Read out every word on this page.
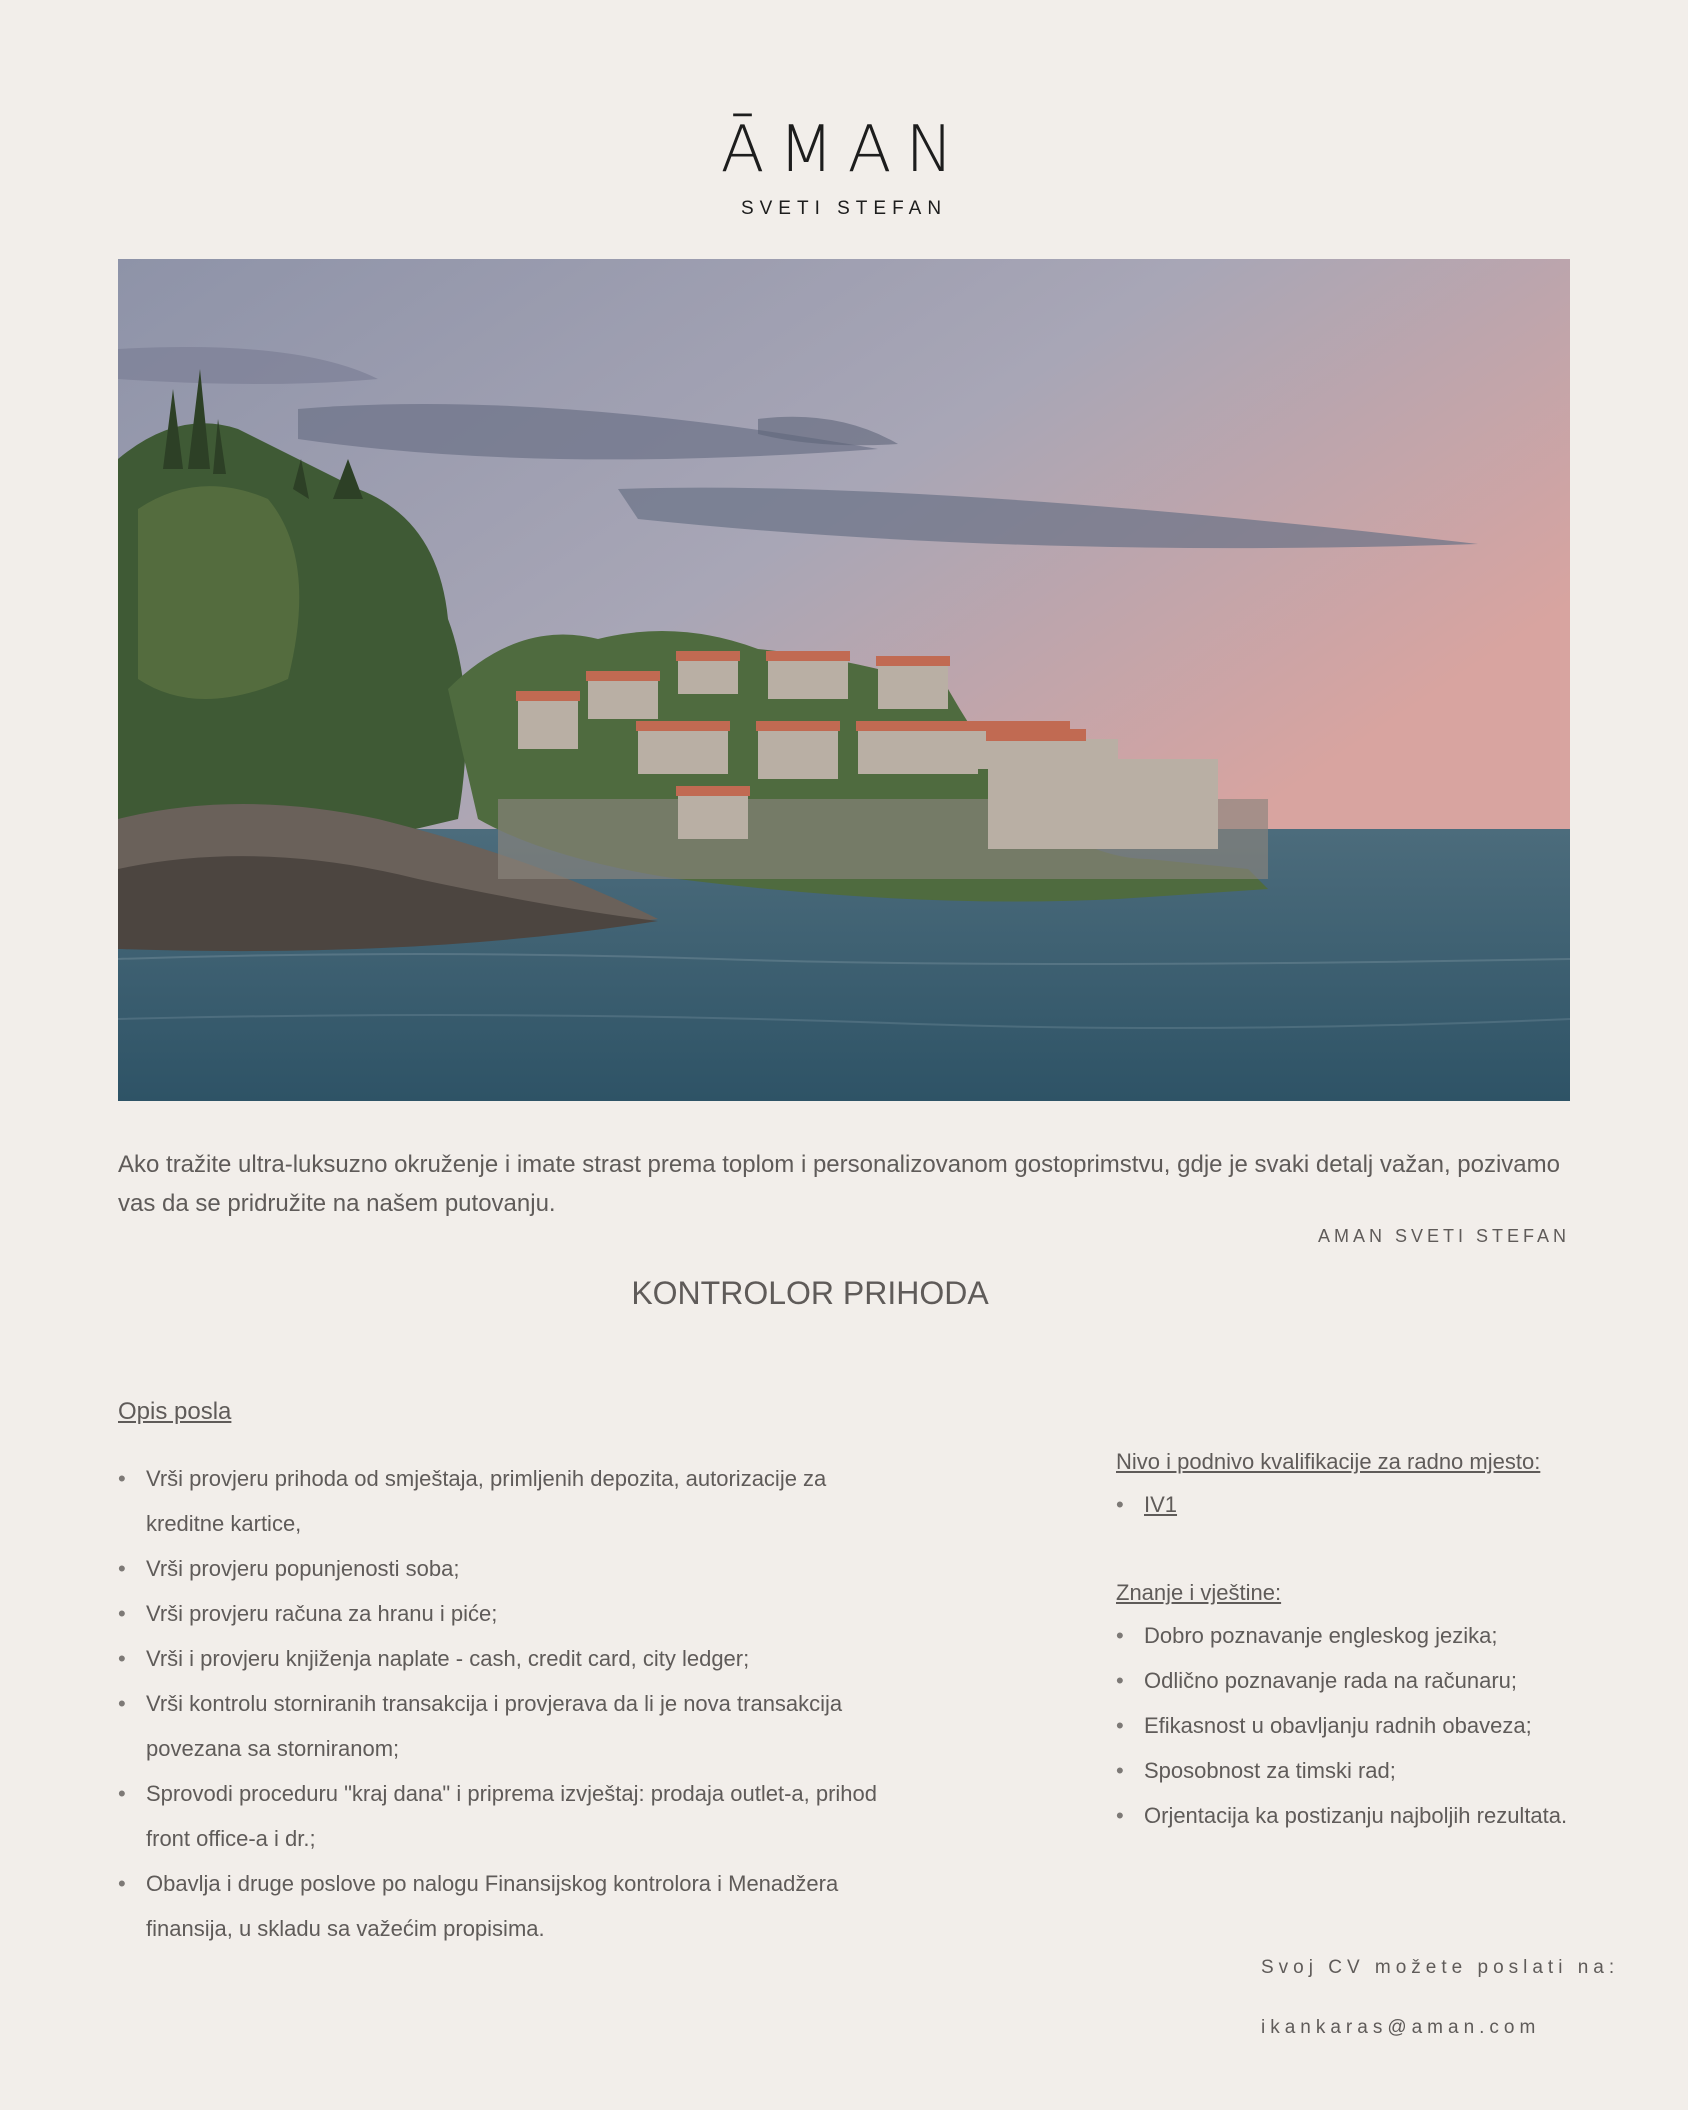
ĀMAN
SVETI STEFAN
Ako tražite ultra-luksuzno okruženje i imate strast prema toplom i personalizovanom gostoprimstvu, gdje je svaki detalj važan, pozivamo vas da se pridružite na našem putovanju.
AMAN SVETI STEFAN
KONTROLOR PRIHODA
Opis posla
• Vrši provjeru prihoda od smještaja, primljenih depozita, autorizacije za kreditne kartice,
• Vrši provjeru popunjenosti soba;
• Vrši provjeru računa za hranu i piće;
• Vrši i provjeru knjiženja naplate - cash, credit card, city ledger;
• Vrši kontrolu storniranih transakcija i provjerava da li je nova transakcija povezana sa storniranom;
• Sprovodi proceduru "kraj dana" i priprema izvještaj: prodaja outlet-a, prihod front office-a i dr.;
• Obavlja i druge poslove po nalogu Finansijskog kontrolora i Menadžera finansija, u skladu sa važećim propisima.
Nivo i podnivo kvalifikacije za radno mjesto:
• IV1
Znanje i vještine:
• Dobro poznavanje engleskog jezika;
• Odlično poznavanje rada na računaru;
• Efikasnost u obavljanju radnih obaveza;
• Sposobnost za timski rad;
• Orjentacija ka postizanju najboljih rezultata.
Svoj CV možete poslati na:
ikankaras@aman.com
